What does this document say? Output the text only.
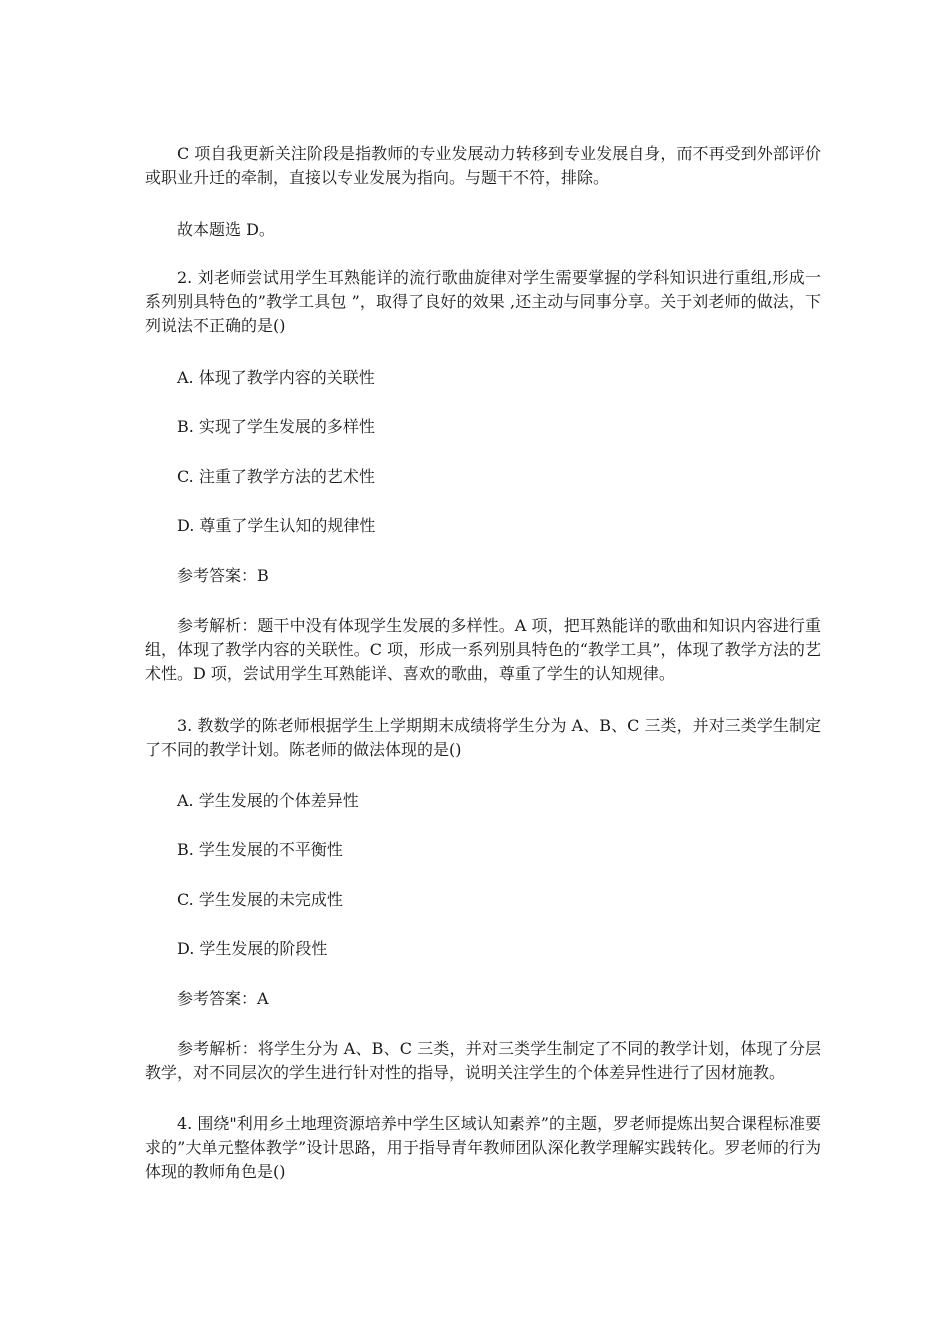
C 项自我更新关注阶段是指教师的专业发展动力转移到专业发展自身，而不再受到外部评价或职业升迁的牵制，直接以专业发展为指向。与题干不符，排除。

故本题选 D。

2. 刘老师尝试用学生耳熟能详的流行歌曲旋律对学生需要掌握的学科知识进行重组,形成一系列别具特色的”教学工具包 ”，取得了良好的效果 ,还主动与同事分享。关于刘老师的做法，下列说法不正确的是()

A. 体现了教学内容的关联性

B. 实现了学生发展的多样性

C. 注重了教学方法的艺术性

D. 尊重了学生认知的规律性

参考答案：B

参考解析：题干中没有体现学生发展的多样性。A 项，把耳熟能详的歌曲和知识内容进行重组，体现了教学内容的关联性。C 项，形成一系列别具特色的“教学工具”，体现了教学方法的艺术性。D 项，尝试用学生耳熟能详、喜欢的歌曲，尊重了学生的认知规律。

3. 教数学的陈老师根据学生上学期期末成绩将学生分为 A、B、C 三类，并对三类学生制定了不同的教学计划。陈老师的做法体现的是()

A. 学生发展的个体差异性

B. 学生发展的不平衡性

C. 学生发展的未完成性

D. 学生发展的阶段性

参考答案：A

参考解析：将学生分为 A、B、C 三类，并对三类学生制定了不同的教学计划，体现了分层教学，对不同层次的学生进行针对性的指导，说明关注学生的个体差异性进行了因材施教。

4. 围绕"利用乡土地理资源培养中学生区域认知素养”的主题，罗老师提炼出契合课程标准要求的”大单元整体教学”设计思路，用于指导青年教师团队深化教学理解实践转化。罗老师的行为体现的教师角色是()
